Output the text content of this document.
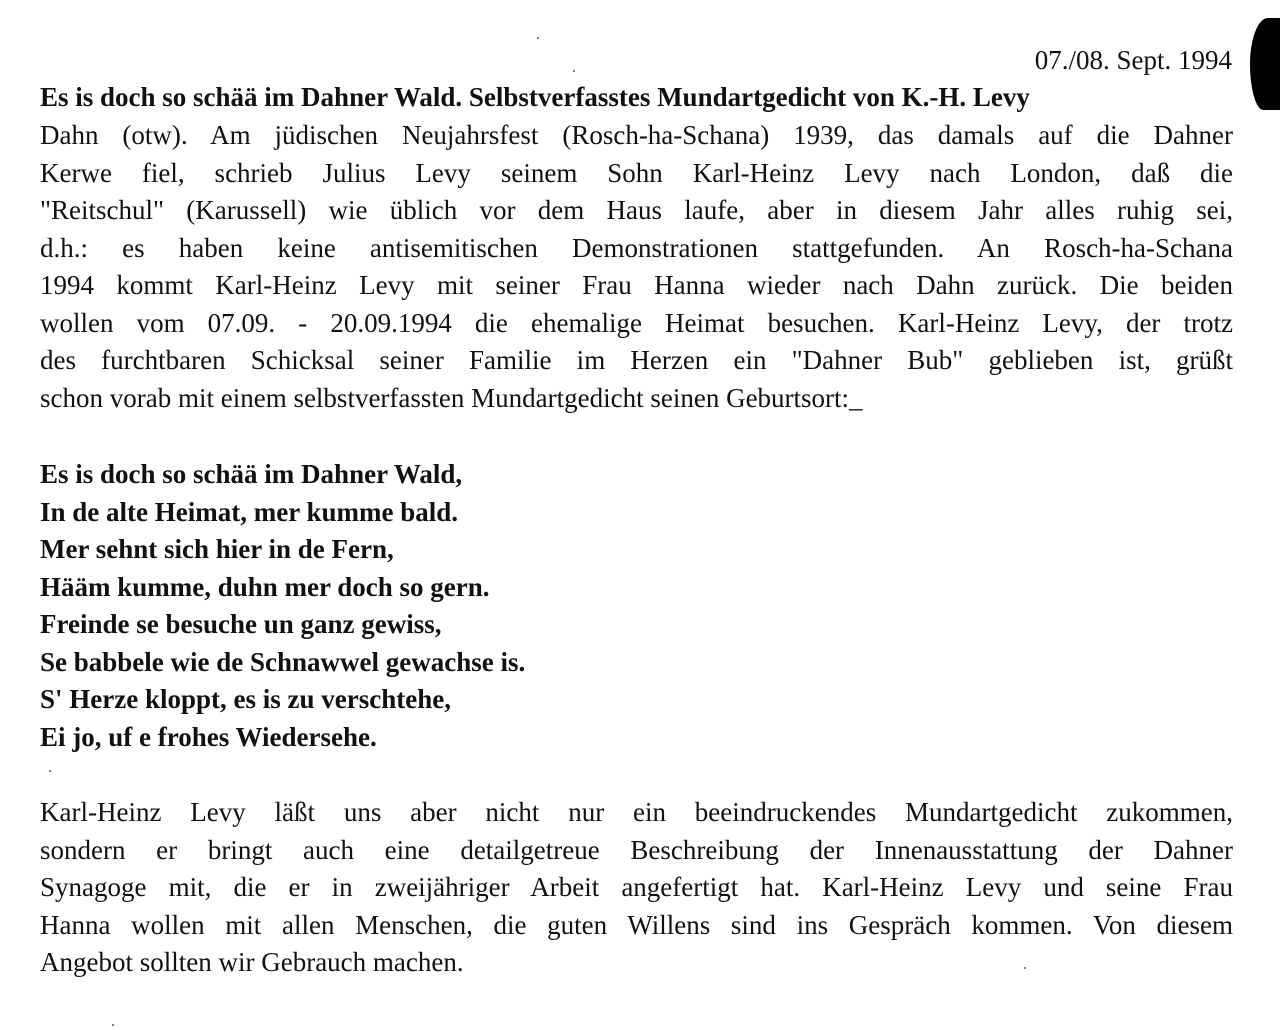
07./08. Sept. 1994
Es is doch so schää im Dahner Wald. Selbstverfasstes Mundartgedicht von K.-H. Levy
Dahn (otw). Am jüdischen Neujahrsfest (Rosch-ha-Schana) 1939, das damals auf die Dahner
Kerwe fiel, schrieb Julius Levy seinem Sohn Karl-Heinz Levy nach London, daß die
"Reitschul" (Karussell) wie üblich vor dem Haus laufe, aber in diesem Jahr alles ruhig sei,
d.h.: es haben keine antisemitischen Demonstrationen stattgefunden. An Rosch-ha-Schana
1994 kommt Karl-Heinz Levy mit seiner Frau Hanna wieder nach Dahn zurück. Die beiden
wollen vom 07.09. - 20.09.1994 die ehemalige Heimat besuchen. Karl-Heinz Levy, der trotz
des furchtbaren Schicksal seiner Familie im Herzen ein "Dahner Bub" geblieben ist, grüßt
schon vorab mit einem selbstverfassten Mundartgedicht seinen Geburtsort:_
Es is doch so schää im Dahner Wald,
In de alte Heimat, mer kumme bald.
Mer sehnt sich hier in de Fern,
Hääm kumme, duhn mer doch so gern.
Freinde se besuche un ganz gewiss,
Se babbele wie de Schnawwel gewachse is.
S' Herze kloppt, es is zu verschtehe,
Ei jo, uf e frohes Wiedersehe.
Karl-Heinz Levy läßt uns aber nicht nur ein beeindruckendes Mundartgedicht zukommen,
sondern er bringt auch eine detailgetreue Beschreibung der Innenausstattung der Dahner
Synagoge mit, die er in zweijähriger Arbeit angefertigt hat. Karl-Heinz Levy und seine Frau
Hanna wollen mit allen Menschen, die guten Willens sind ins Gespräch kommen. Von diesem
Angebot sollten wir Gebrauch machen.
